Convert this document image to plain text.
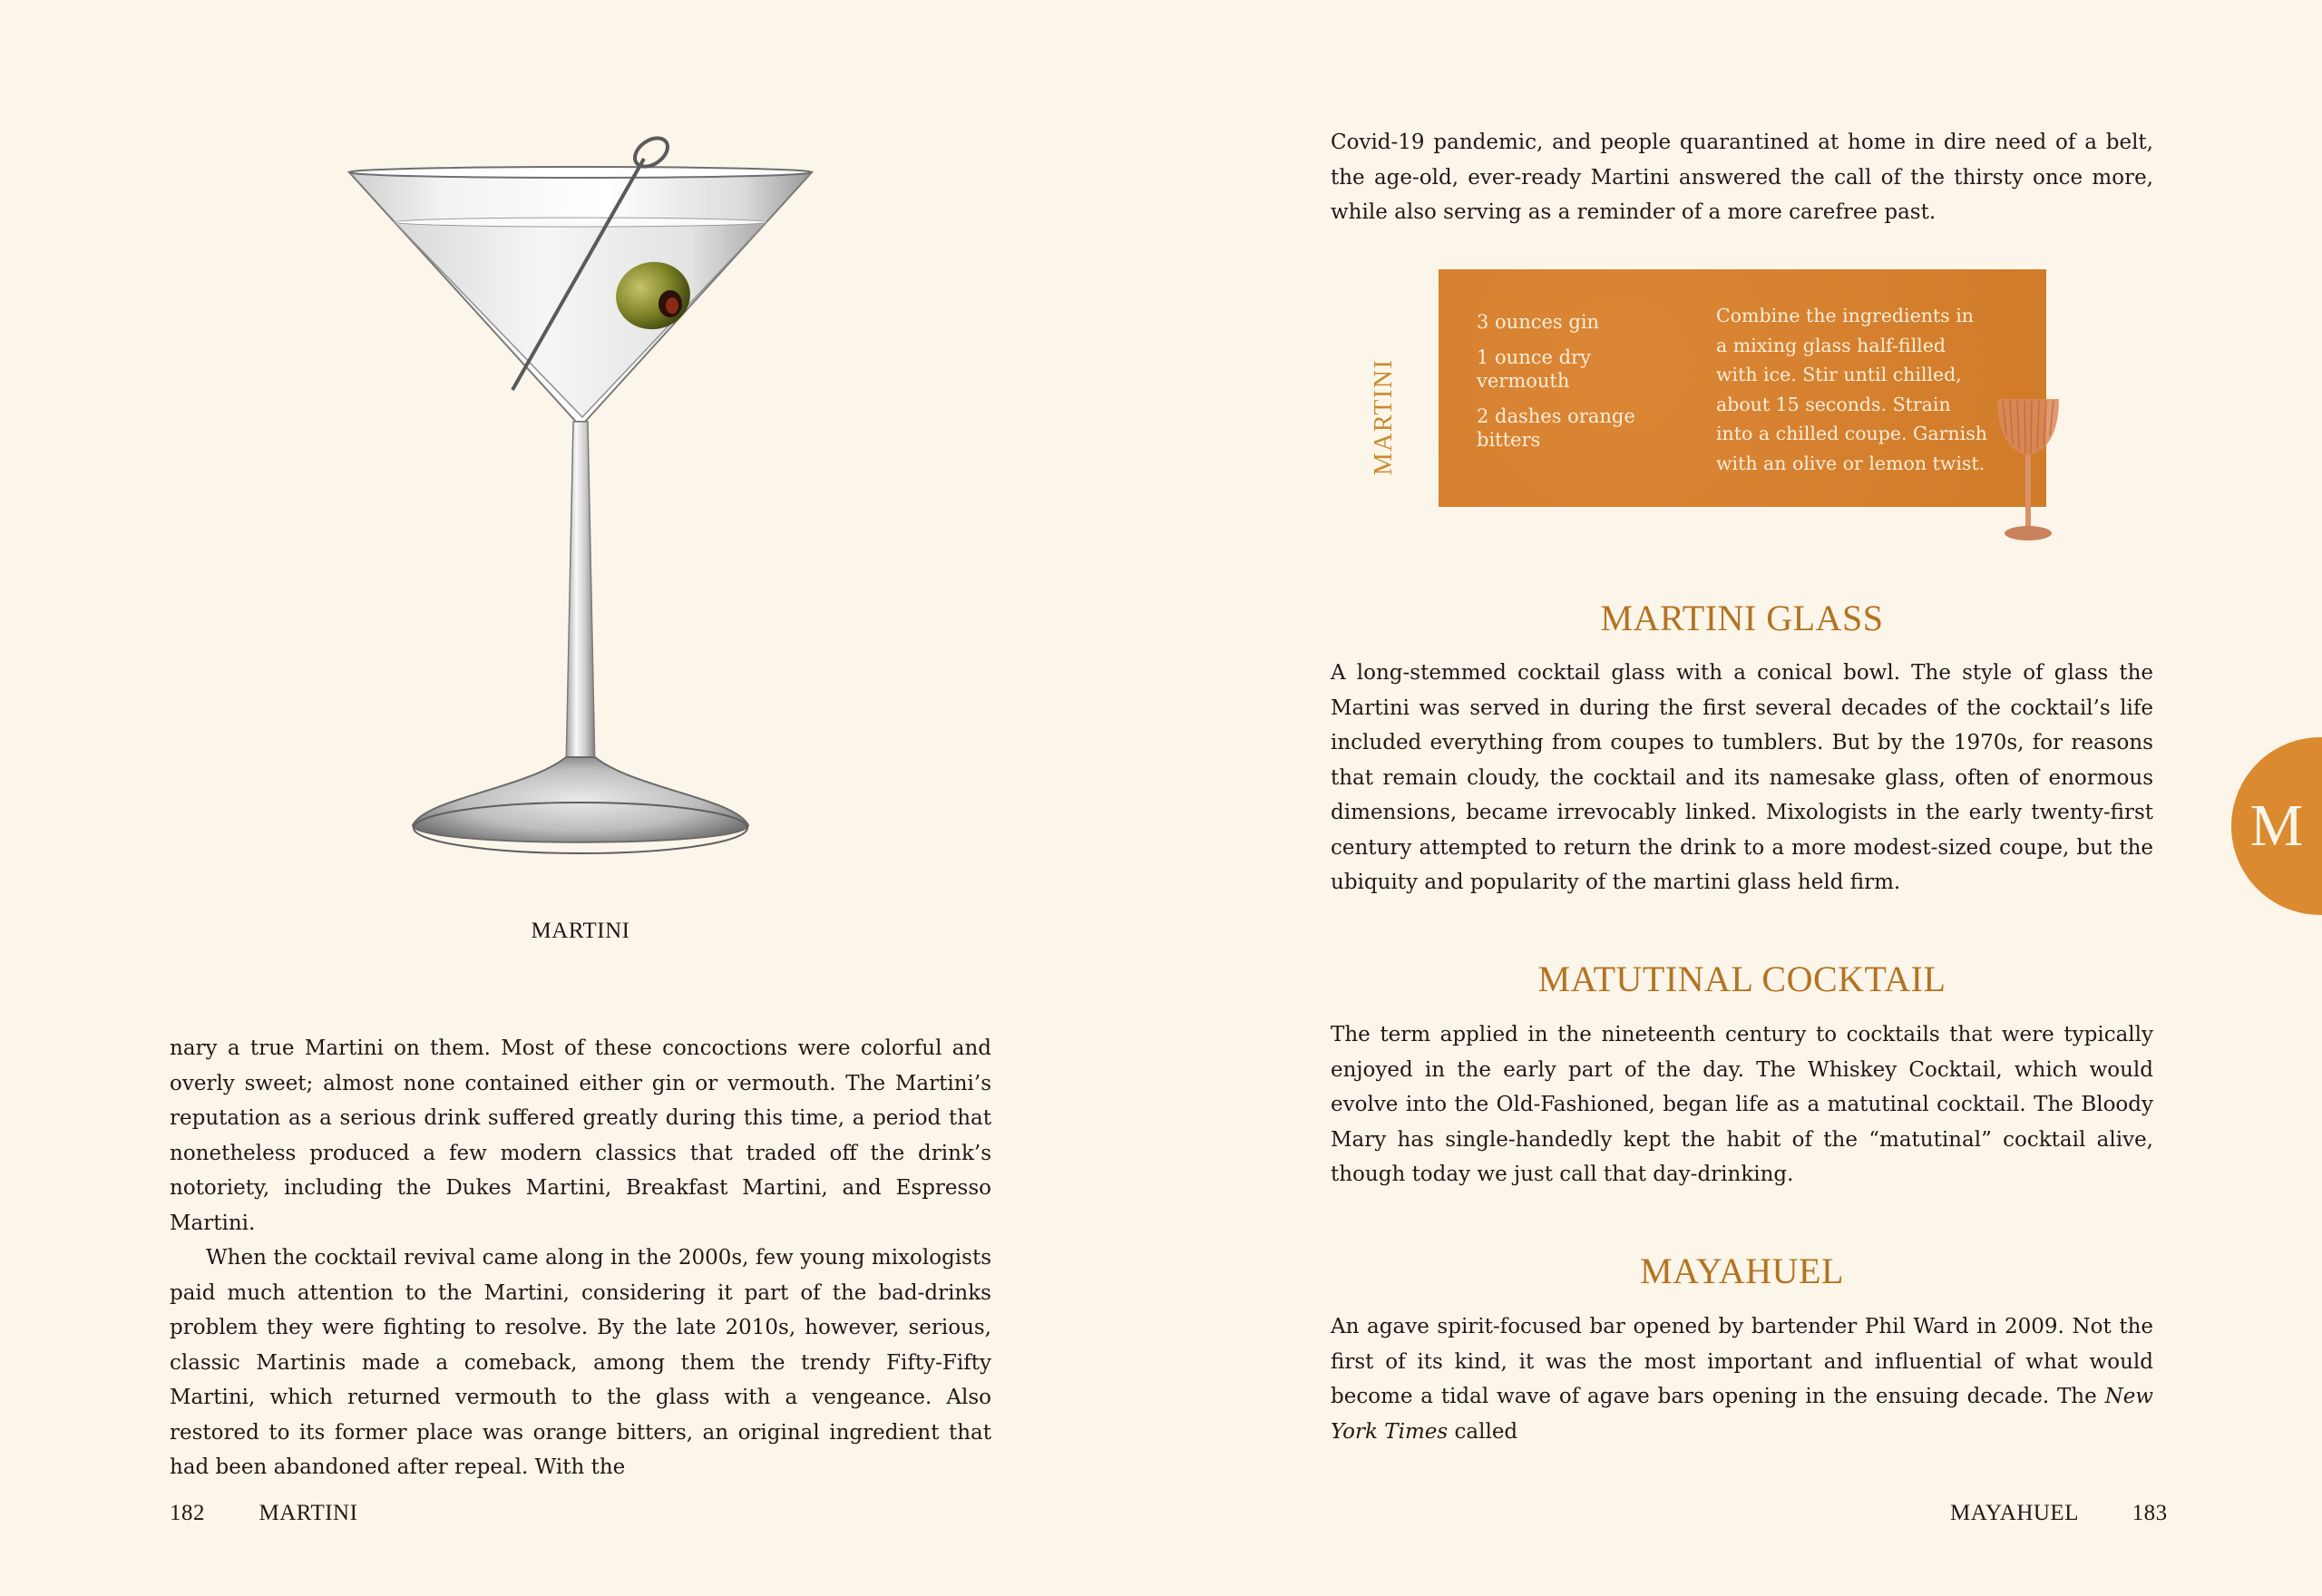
MARTINI

nary a true Martini on them. Most of these concoctions were colorful and overly sweet; almost none contained either gin or vermouth. The Martini’s reputation as a serious drink suffered greatly during this time, a period that nonetheless produced a few modern classics that traded off the drink’s notoriety, including the Dukes Martini, Breakfast Martini, and Espresso Martini.

When the cocktail revival came along in the 2000s, few young mixologists paid much attention to the Martini, considering it part of the bad-drinks problem they were fighting to resolve. By the late 2010s, however, serious, classic Martinis made a comeback, among them the trendy Fifty-Fifty Martini, which returned vermouth to the glass with a vengeance. Also restored to its former place was orange bitters, an original ingredient that had been abandoned after repeal. With the

182 MARTINI

Covid-19 pandemic, and people quarantined at home in dire need of a belt, the age-old, ever-ready Martini answered the call of the thirsty once more, while also serving as a reminder of a more carefree past.

MARTINI
3 ounces gin
1 ounce dry vermouth
2 dashes orange bitters
Combine the ingredients in a mixing glass half-filled with ice. Stir until chilled, about 15 seconds. Strain into a chilled coupe. Garnish with an olive or lemon twist.
MARTINI GLASS

A long-stemmed cocktail glass with a conical bowl. The style of glass the Martini was served in during the first several decades of the cocktail’s life included everything from coupes to tumblers. But by the 1970s, for reasons that remain cloudy, the cocktail and its namesake glass, often of enormous dimensions, became irrevocably linked. Mixologists in the early twenty-first century attempted to return the drink to a more modest-sized coupe, but the ubiquity and popularity of the martini glass held firm.

MATUTINAL COCKTAIL

The term applied in the nineteenth century to cocktails that were typically enjoyed in the early part of the day. The Whiskey Cocktail, which would evolve into the Old-Fashioned, began life as a matutinal cocktail. The Bloody Mary has single-handedly kept the habit of the “matutinal” cocktail alive, though today we just call that day-drinking.

MAYAHUEL

An agave spirit-focused bar opened by bartender Phil Ward in 2009. Not the first of its kind, it was the most important and influential of what would become a tidal wave of agave bars opening in the ensuing decade. The New York Times called

MAYAHUEL 183
M
